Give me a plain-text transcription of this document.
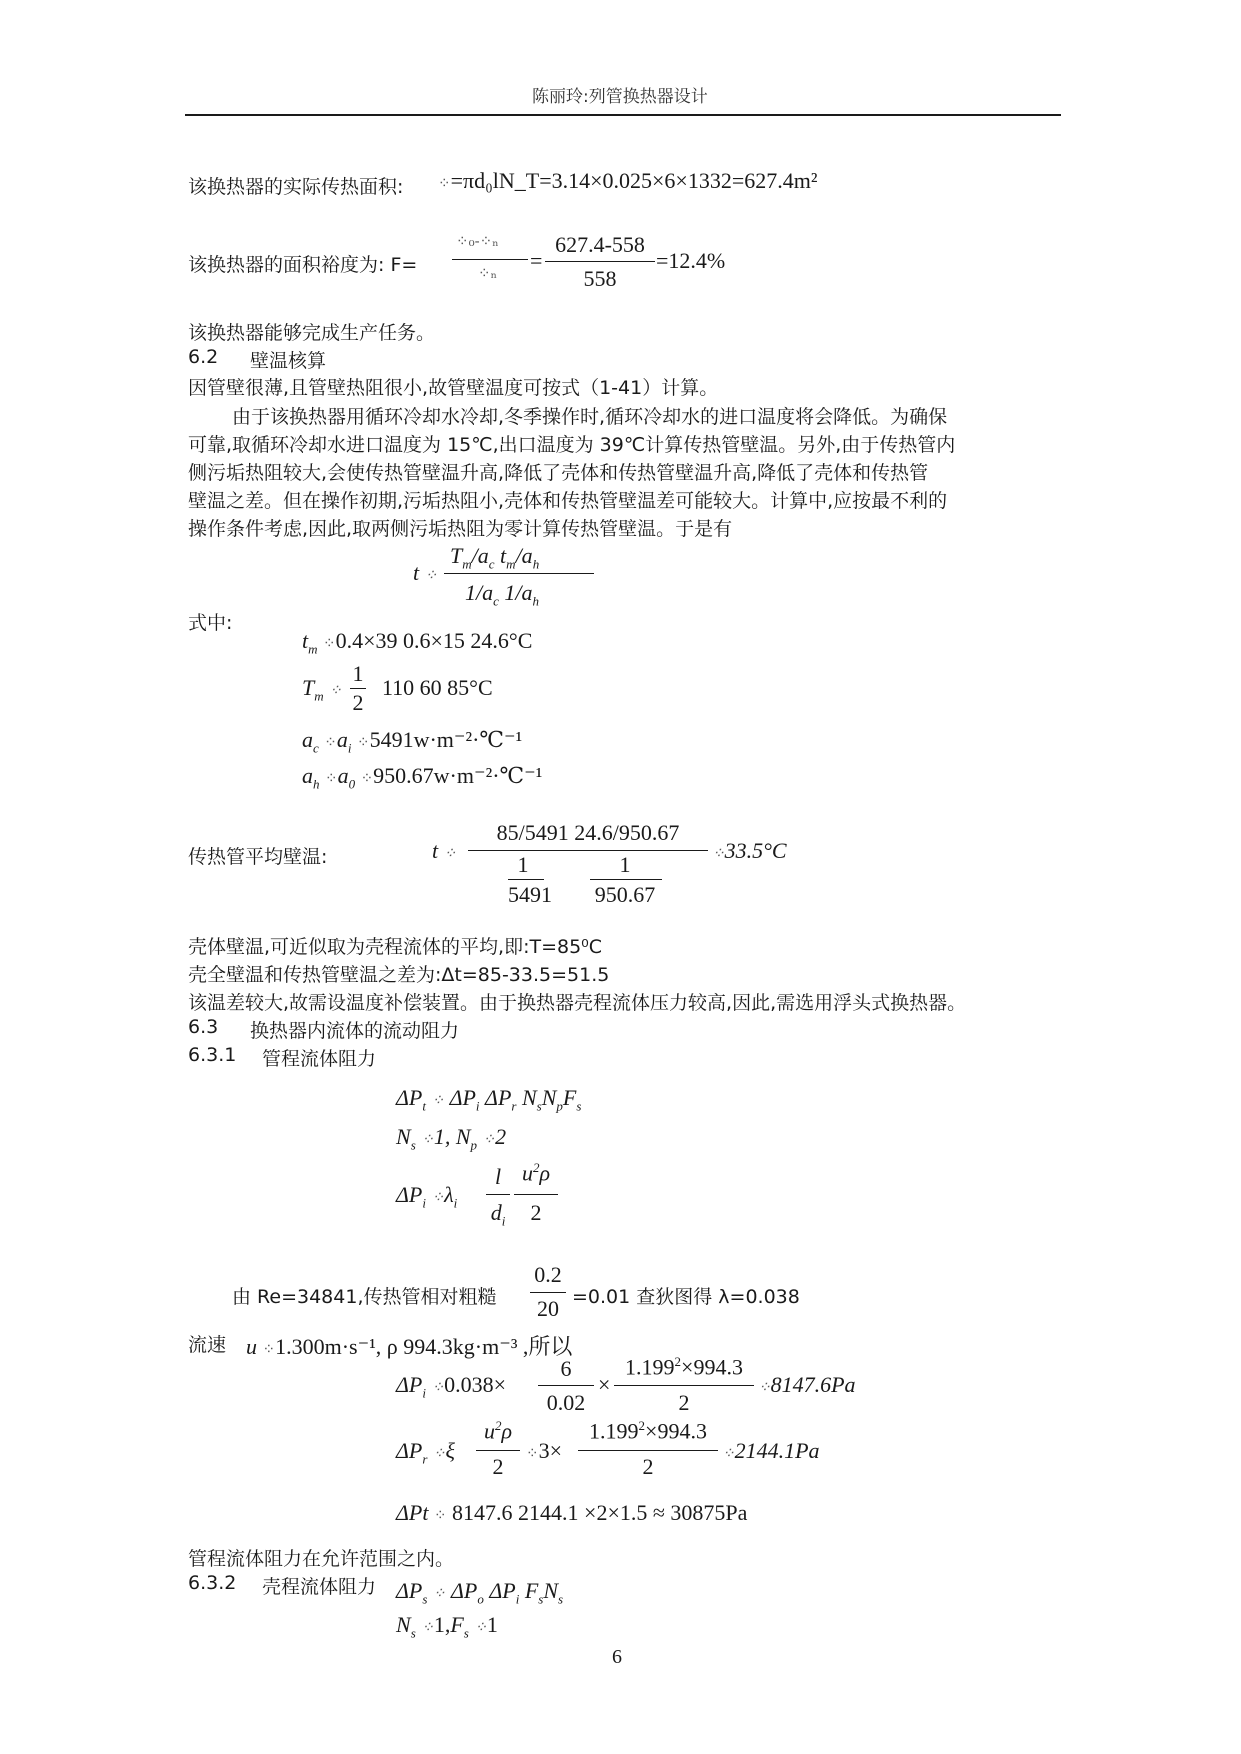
陈丽玲:列管换热器设计
该换热器的实际传热面积: ⁘=πd₀lN_T=3.14×0.025×6×1332=627.4m²
该换热器的面积裕度为: F=
⁘₀-⁘ₙ
⁘ₙ =
627.4-558
558
=12.4%
该换热器能够完成生产任务。
6.2 壁温核算
因管壁很薄,且管壁热阻很小,故管壁温度可按式（1-41）计算。
由于该换热器用循环冷却水冷却,冬季操作时,循环冷却水的进口温度将会降低。为确保
可靠,取循环冷却水进口温度为 15℃,出口温度为 39℃计算传热管壁温。另外,由于传热管内
侧污垢热阻较大,会使传热管壁温升高,降低了壳体和传热管壁温升高,降低了壳体和传热管
壁温之差。但在操作初期,污垢热阻小,壳体和传热管壁温差可能较大。计算中,应按最不利的
操作条件考虑,因此,取两侧污垢热阻为零计算传热管壁温。于是有
t ⁘
$T_m/a_c$ $t_m/a_h$
$1/a_c$ $1/a_h$
式中:
$t_m$ ⁘0.4×39 0.6×15 24.6°C
$T_m$ ⁘
1
2
110 60 85°C
$a_c$ $⁘a_i$ ⁘5491w·m⁻²·℃⁻¹
$a_h$ $⁘a_0$ ⁘950.67w·m⁻²·℃⁻¹
传热管平均壁温:	t ⁘
85/5491 24.6/950.67
1	1
5491	950.67
⁘33.5°C
壳体壁温,可近似取为壳程流体的平均,即:T=85⁰C
壳全壁温和传热管壁温之差为:Δt=85-33.5=51.5
该温差较大,故需设温度补偿装置。由于换热器壳程流体压力较高,因此,需选用浮头式换热器。
6.3 换热器内流体的流动阻力
6.3.1 管程流体阻力
$\Delta P_t$ ⁘ $\Delta P_i$ $\Delta P_r$ $N_sN_pF_s$
$N_s$ ⁘1, $N_p$ ⁘2
$\Delta P_i$ $⁘\lambda_i$
l
$d_i$
$u^2\rho$
2
由 Re=34841,传热管相对粗糙
0.2
20 =0.01 查狄图得 λ=0.038
流速 u ⁘1.300m·s⁻¹, ρ 994.3kg·m⁻³ ,所以
$\Delta P_i$ ⁘0.038×
6
0.02
×
$1.199^2\times 994.3$
2
⁘8147.6Pa
$\Delta P_r$ ⁘ξ
$u^2\rho$
2	⁘3×
$1.199^2\times 994.3$
2	⁘2144.1Pa
ΔPt ⁘ 8147.6 2144.1 ×2×1.5 ≈ 30875Pa
管程流体阻力在允许范围之内。
6.3.2 壳程流体阻力 $\Delta P_s$ ⁘ $\Delta P_o$ $\Delta P_i$ $F_sN_s$
$N_s$ $⁘1,F_s$ ⁘1
6
